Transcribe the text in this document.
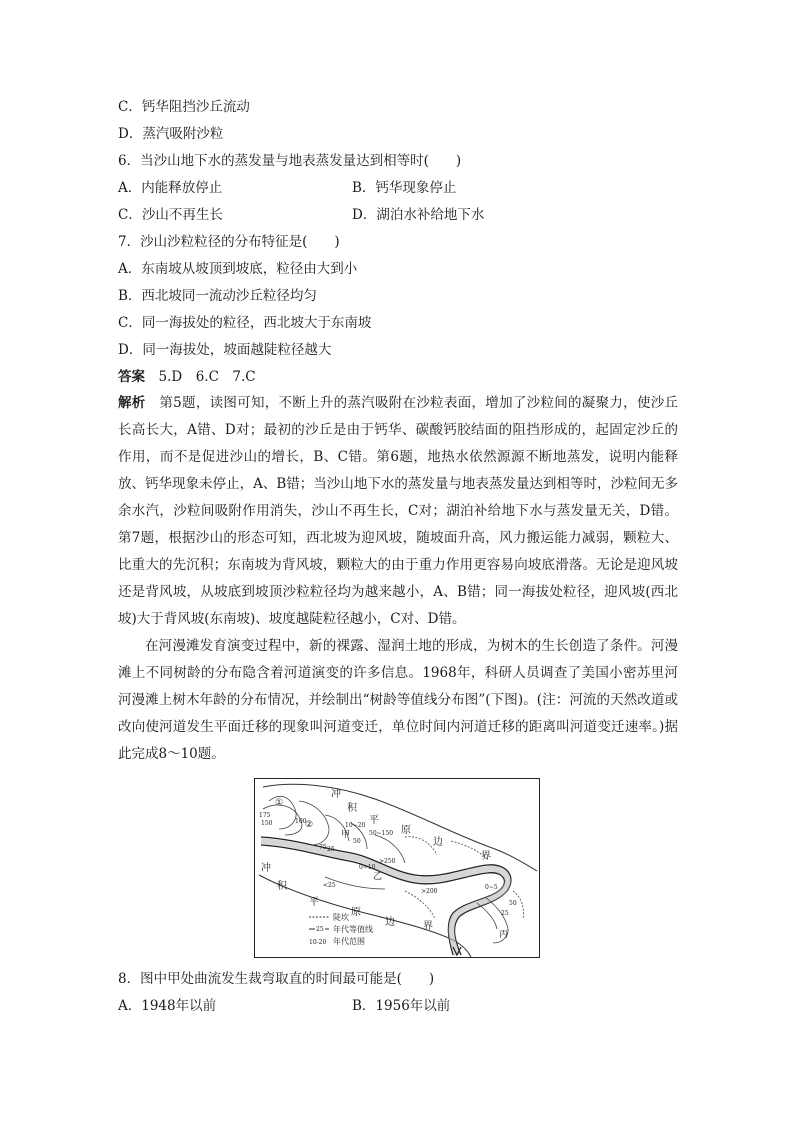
C．钙华阻挡沙丘流动
D．蒸汽吸附沙粒
6．当沙山地下水的蒸发量与地表蒸发量达到相等时(　　)
A．内能释放停止	B．钙华现象停止
C．沙山不再生长	D．湖泊水补给地下水
7．沙山沙粒粒径的分布特征是(　　)
A．东南坡从坡顶到坡底，粒径由大到小
B．西北坡同一流动沙丘粒径均匀
C．同一海拔处的粒径，西北坡大于东南坡
D．同一海拔处，坡面越陡粒径越大
答案　 5.D　6.C　7.C
解析　 第5题，读图可知，不断上升的蒸汽吸附在沙粒表面，增加了沙粒间的凝聚力，使沙丘长高长大，A错、D对；最初的沙丘是由于钙华、碳酸钙胶结面的阻挡形成的，起固定沙丘的作用，而不是促进沙山的增长，B、C错。第6题，地热水依然源源不断地蒸发，说明内能释放、钙华现象未停止，A、B错；当沙山地下水的蒸发量与地表蒸发量达到相等时，沙粒间无多余水汽，沙粒间吸附作用消失，沙山不再生长，C对；湖泊补给地下水与蒸发量无关，D错。第7题，根据沙山的形态可知，西北坡为迎风坡，随坡面升高，风力搬运能力减弱，颗粒大、比重大的先沉积；东南坡为背风坡，颗粒大的由于重力作用更容易向坡底滑落。无论是迎风坡还是背风坡，从坡底到坡顶沙粒粒径均为越来越小，A、B错；同一海拔处粒径，迎风坡(西北坡)大于背风坡(东南坡)、坡度越陡粒径越小，C对、D错。
在河漫滩发育演变过程中，新的裸露、湿润土地的形成，为树木的生长创造了条件。河漫滩上不同树龄的分布隐含着河道演变的许多信息。1968年，科研人员调查了美国小密苏里河河漫滩上树木年龄的分布情况，并绘制出“树龄等值线分布图”(下图)。(注：河流的天然改道或改向使河道发生平面迁移的现象叫河道变迁，单位时间内河道迁移的距离叫河道变迁速率。)据此完成8～10题。
冲
积
平
原
边
界
冲
积
平
原
边	界
①
②
甲
乙
丙
175
150	100
75
50
25
>250
50~150
10~20
0~10
>200
<25	0~5
50
25
陡坎
25 年代等值线
10-20 年代范围
8．图中甲处曲流发生裁弯取直的时间最可能是(　　)
A．1948年以前	B．1956年以前
